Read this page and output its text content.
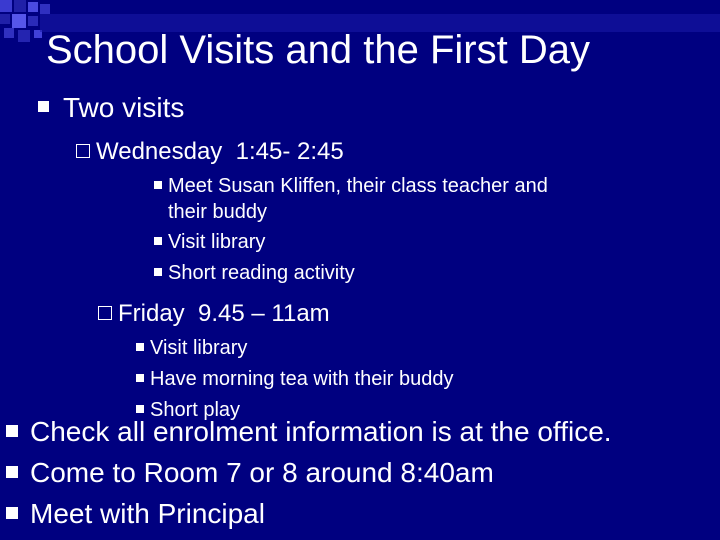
School Visits and the First Day
Two visits
Wednesday  1:45- 2:45
Meet Susan Kliffen, their class teacher and
their buddy
Visit library
Short reading activity
Friday  9.45 – 11am
Visit library
Have morning tea with their buddy
Short play
Check all enrolment information is at the office.
Come to Room 7 or 8 around 8:40am
Meet with Principal
